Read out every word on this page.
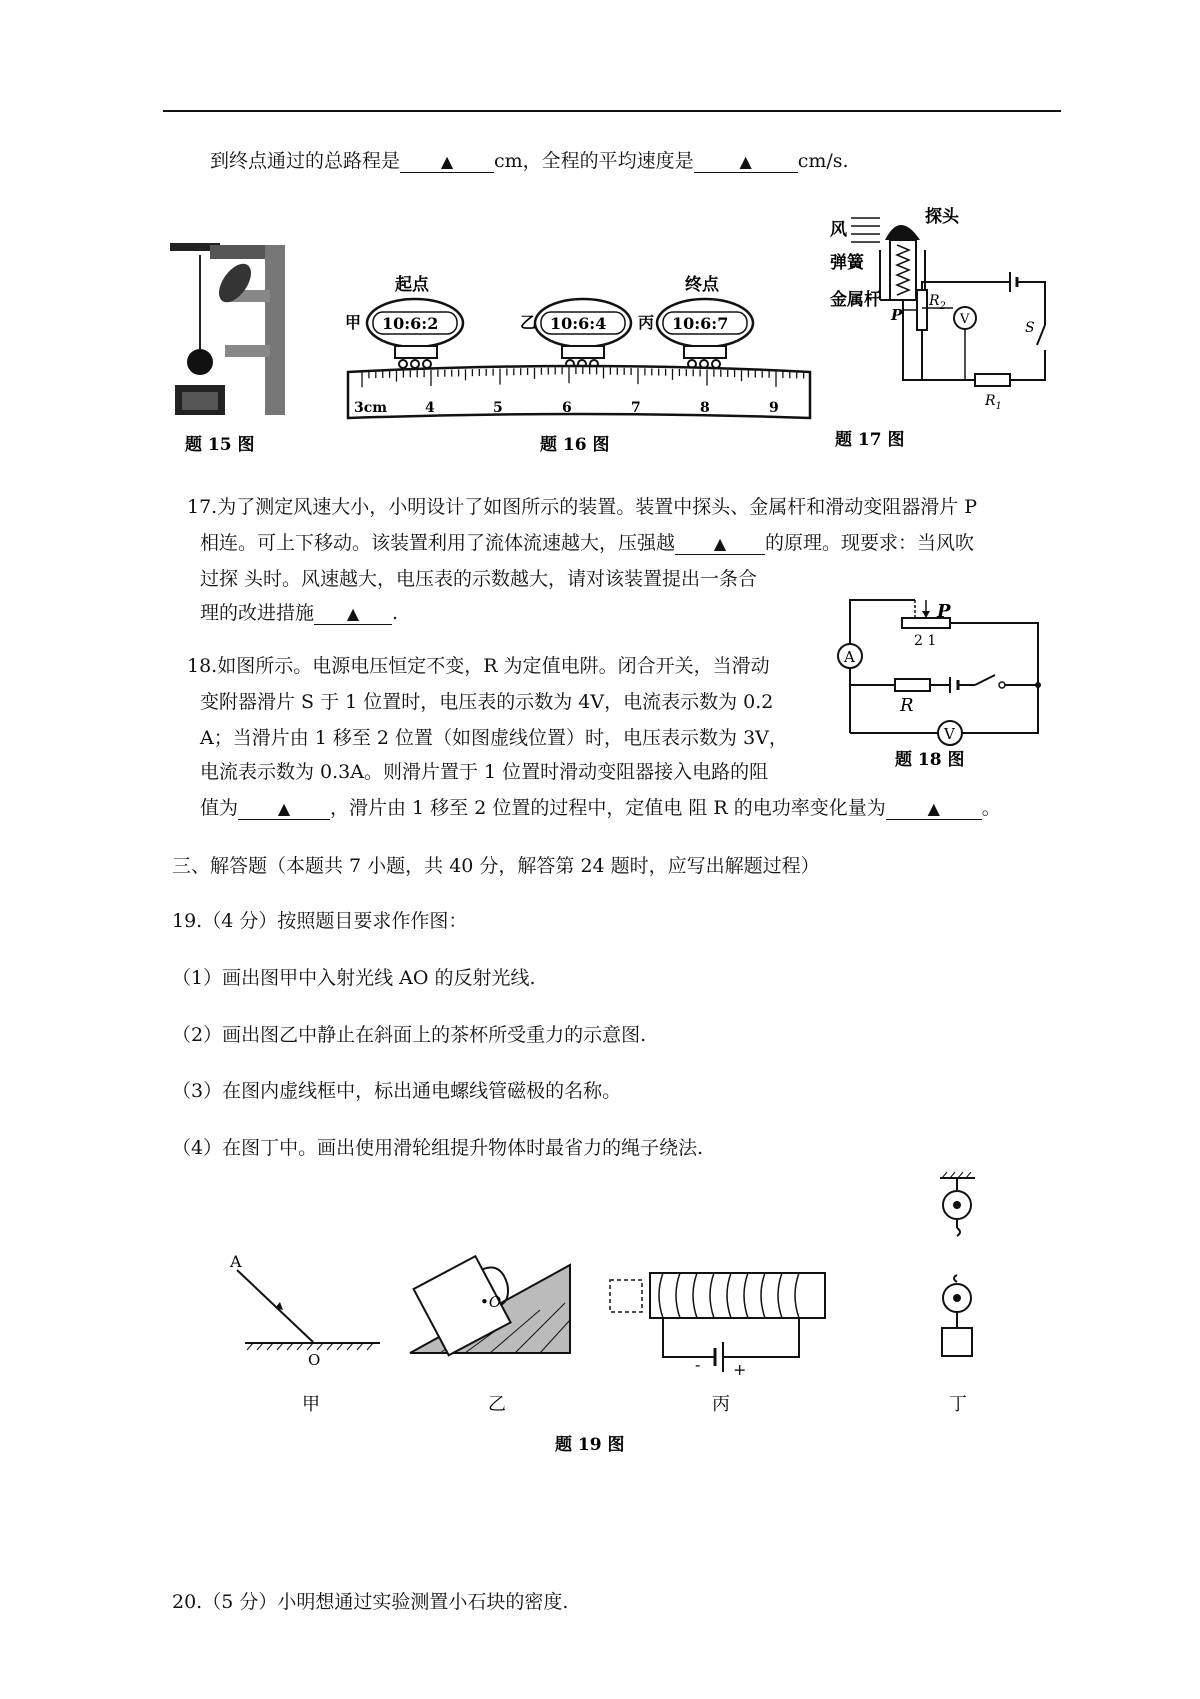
到终点通过的总路程是	▲ cm，全程的平均速度是	▲ cm/s.
题 15 图
起点
10:6:2
甲	10:6:4
乙
终点
10:6:7
丙
3cm	4	5	6	7	8	9
题 16 图
风
探头
弹簧
金属杆
P
$R_2$
V
S
$R_1$
题 17 图
17.为了测定风速大小，小明设计了如图所示的装置。装置中探头、金属杆和滑动变阻器滑片 P
相连。可上下移动。该装置利用了流体流速越大，压强越 ▲ 的原理。现要求：当风吹
过探 头时。风速越大，电压表的示数越大，请对该装置提出一条合
理的改进措施 ▲ .	P
2 1
A
R
V
题 18 图
18.如图所示。电源电压恒定不变，R 为定值电阱。闭合开关，当滑动
变附器滑片 S 于 1 位置时，电压表的示数为 4V，电流表示数为 0.2
A；当滑片由 1 移至 2 位置（如图虚线位置）时，电压表示数为 3V，
电流表示数为 0.3A。则滑片置于 1 位置时滑动变阻器接入电路的阻
值为 ▲ ，滑片由 1 移至 2 位置的过程中，定值电 阻 R 的电功率变化量为	▲ 。
三、解答题（本题共 7 小题，共 40 分，解答第 24 题时，应写出解题过程）
19.（4 分）按照题目要求作作图：
（1）画出图甲中入射光线 AO 的反射光线.
（2）画出图乙中静止在斜面上的茶杯所受重力的示意图.
（3）在图内虚线框中，标出通电螺线管磁极的名称。
（4）在图丁中。画出使用滑轮组提升物体时最省力的绳子绕法.
A
O
甲
•O
乙
- +
丙	丁
题 19 图
20.（5 分）小明想通过实验测置小石块的密度.
